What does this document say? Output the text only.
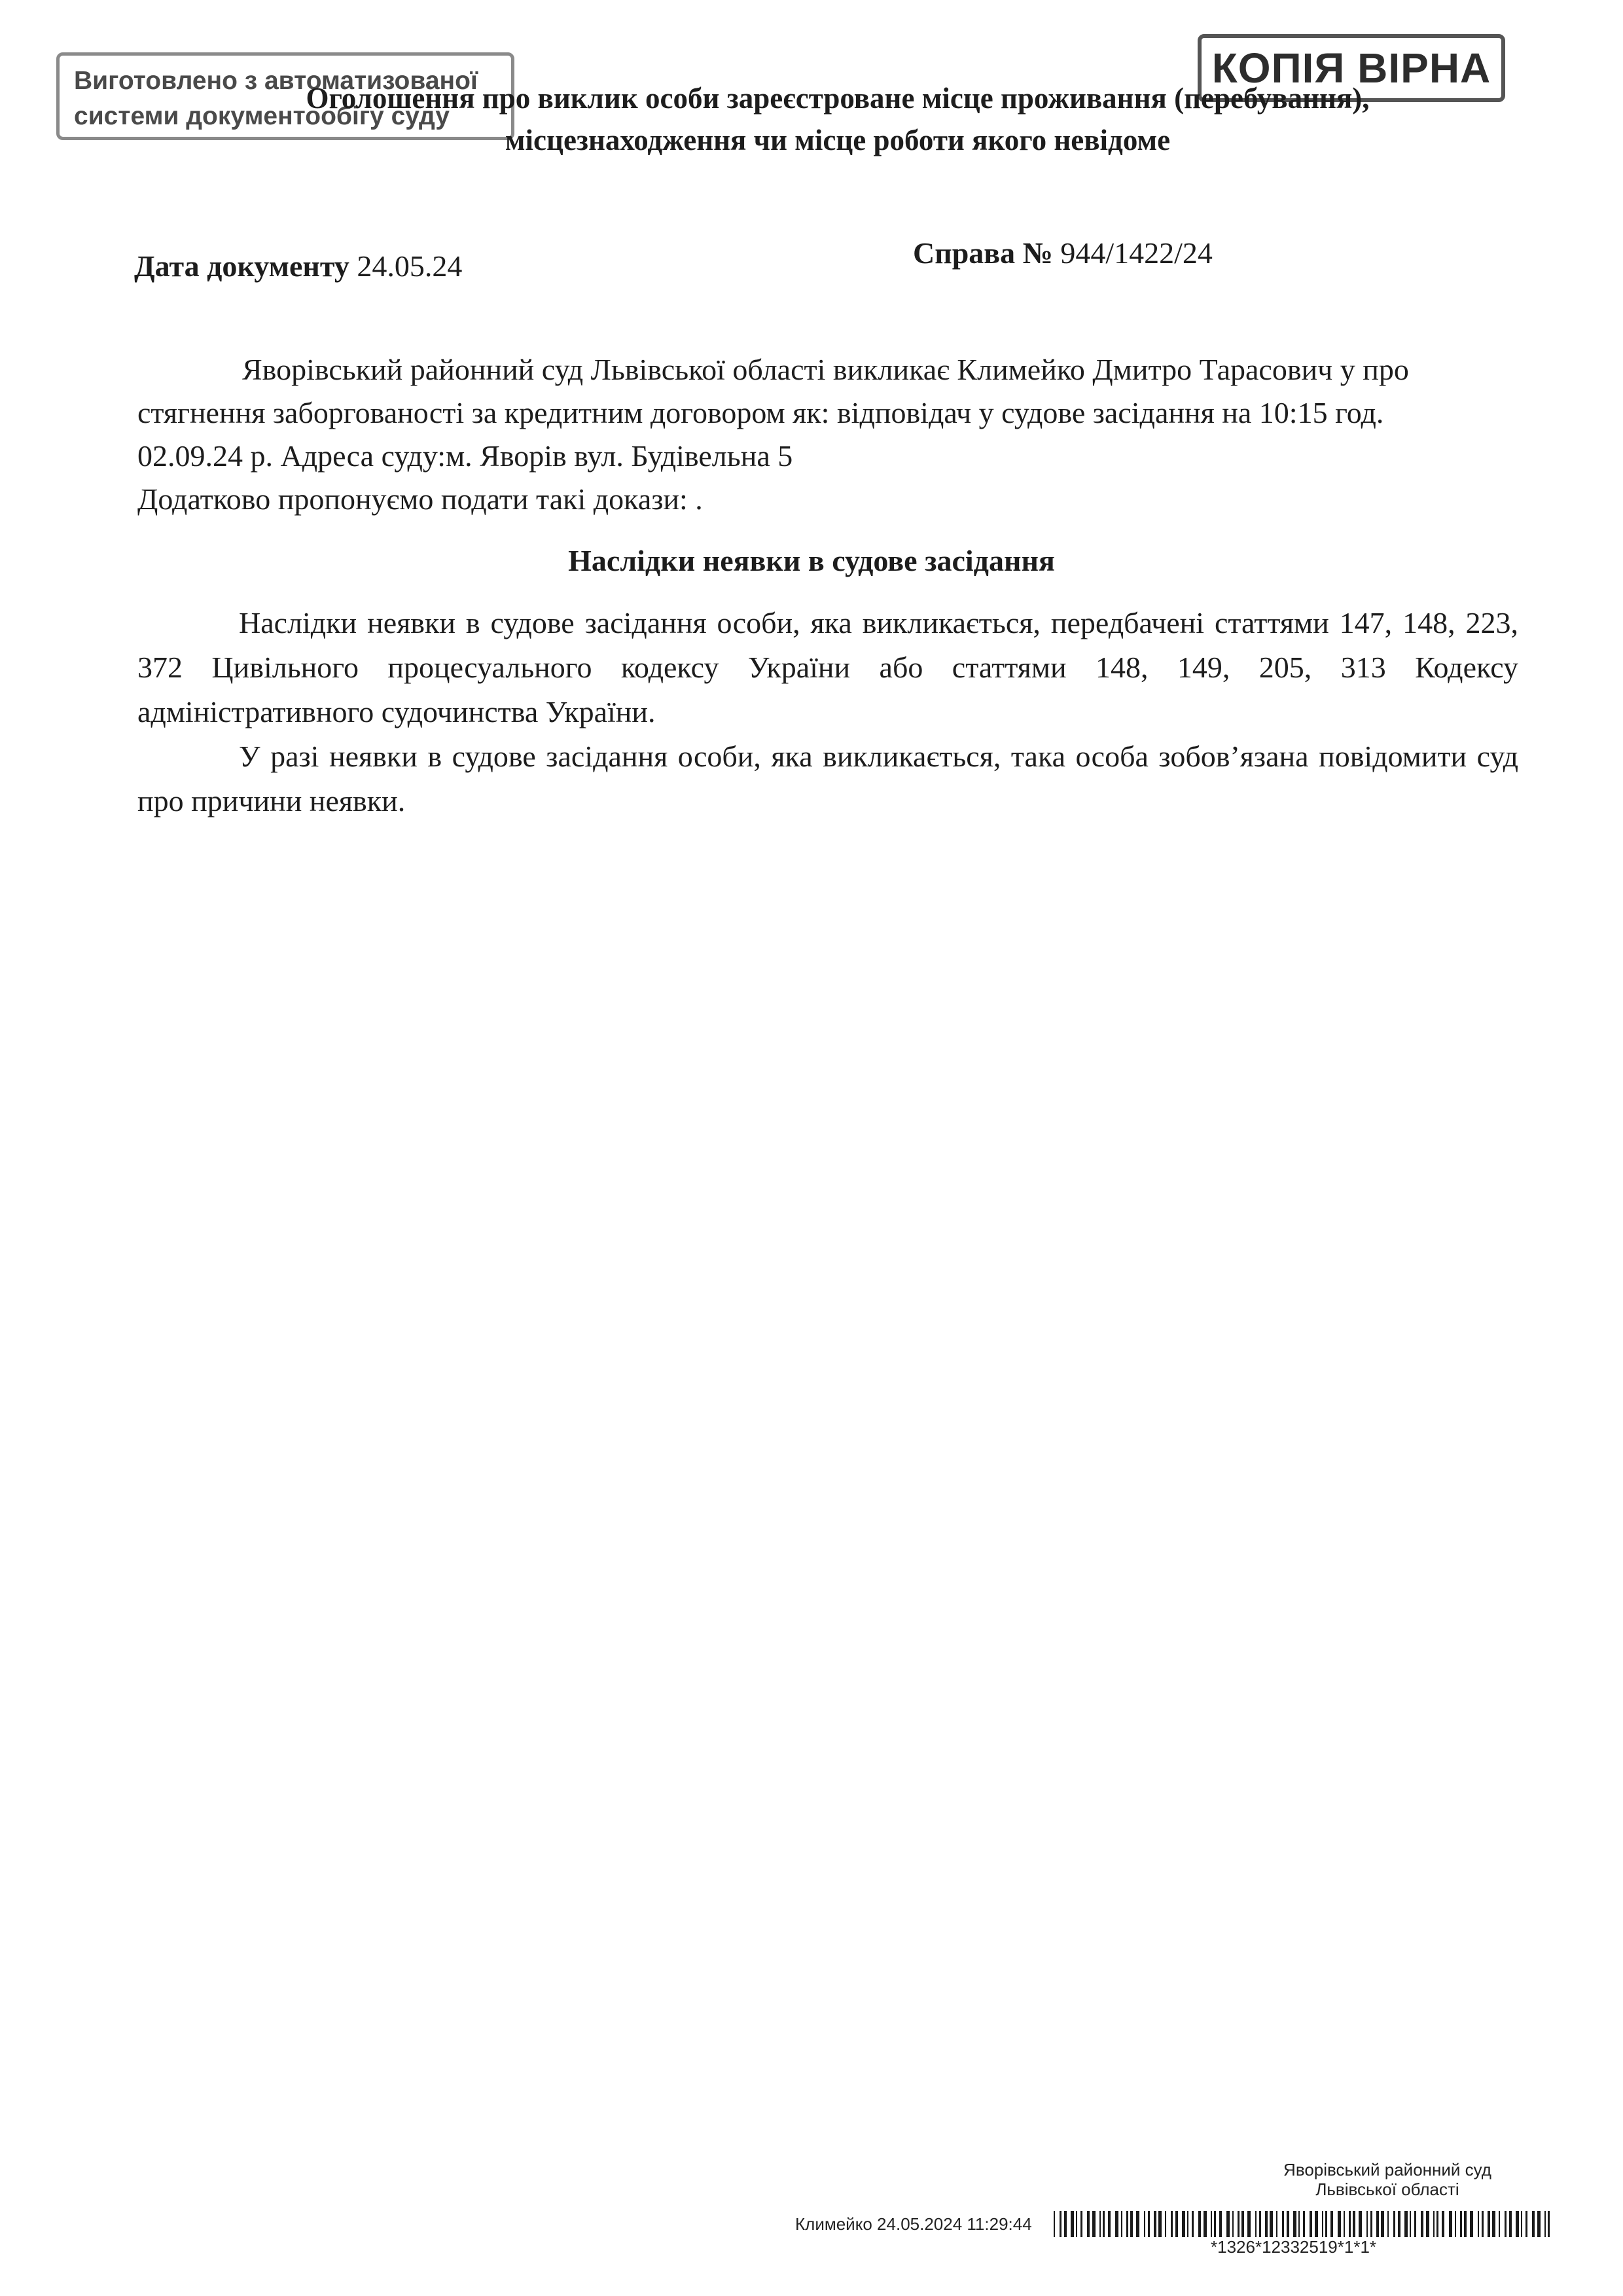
Виготовлено з автоматизованої
системи документообігу суду
КОПІЯ ВІРНА
Оголошення про виклик особи зареєстроване місце проживання (перебування),
місцезнаходження чи місце роботи якого невідоме
Дата документу 24.05.24	Справа № 944/1422/24
Яворівський районний суд Львівської області викликає Климейко Дмитро Тарасович у про
стягнення заборгованості за кредитним договором як: відповідач у судове засідання на 10:15 год.
02.09.24 р. Адреса суду:м. Яворів вул. Будівельна 5
Додатково пропонуємо подати такі докази: .
Наслідки неявки в судове засідання
Наслідки неявки в судове засідання особи, яка викликається, передбачені статтями 147, 148, 223, 372 Цивільного процесуального кодексу України або статтями 148, 149, 205, 313 Кодексу адміністративного судочинства України.
У разі неявки в судове засідання особи, яка викликається, така особа зобов’язана повідомити суд про причини неявки.
Яворівський районний суд
Львівської області
Климейко 24.05.2024 11:29:44
*1326*12332519*1*1*
